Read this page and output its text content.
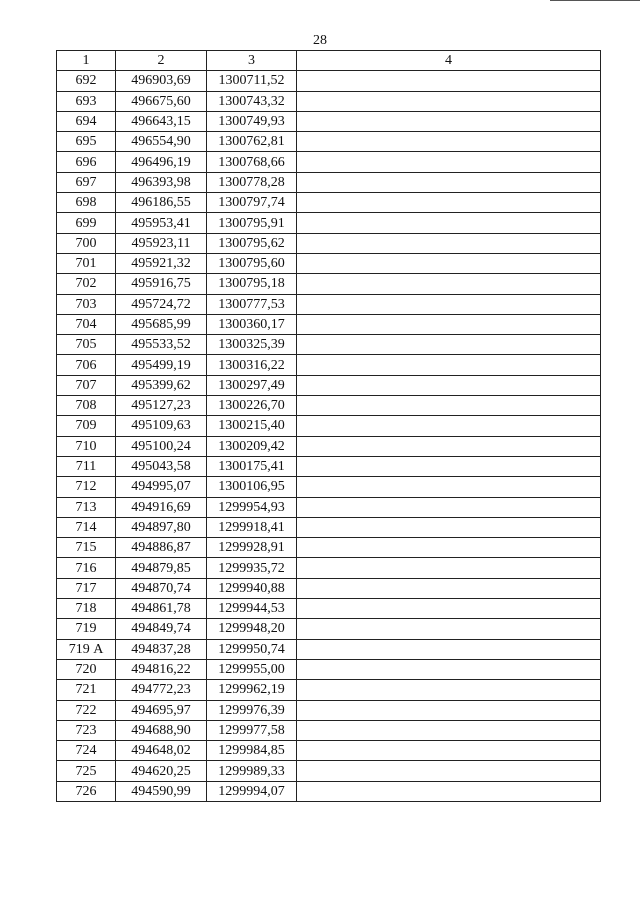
28
1	2	3	4
692	496903,69	1300711,52	
693	496675,60	1300743,32	
694	496643,15	1300749,93	
695	496554,90	1300762,81	
696	496496,19	1300768,66	
697	496393,98	1300778,28	
698	496186,55	1300797,74	
699	495953,41	1300795,91	
700	495923,11	1300795,62	
701	495921,32	1300795,60	
702	495916,75	1300795,18	
703	495724,72	1300777,53	
704	495685,99	1300360,17	
705	495533,52	1300325,39	
706	495499,19	1300316,22	
707	495399,62	1300297,49	
708	495127,23	1300226,70	
709	495109,63	1300215,40	
710	495100,24	1300209,42	
711	495043,58	1300175,41	
712	494995,07	1300106,95	
713	494916,69	1299954,93	
714	494897,80	1299918,41	
715	494886,87	1299928,91	
716	494879,85	1299935,72	
717	494870,74	1299940,88	
718	494861,78	1299944,53	
719	494849,74	1299948,20	
719 А	494837,28	1299950,74	
720	494816,22	1299955,00	
721	494772,23	1299962,19	
722	494695,97	1299976,39	
723	494688,90	1299977,58	
724	494648,02	1299984,85	
725	494620,25	1299989,33	
726	494590,99	1299994,07	
